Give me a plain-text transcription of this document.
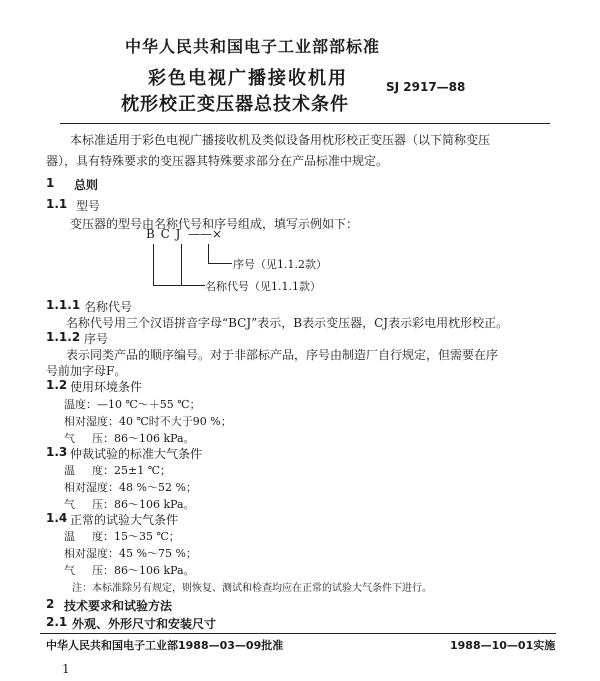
中华人民共和国电子工业部部标准
彩色电视广播接收机用
枕形校正变压器总技术条件
SJ 2917—88
本标准适用于彩色电视广播接收机及类似设备用枕形校正变压器（以下简称变压
器），具有特殊要求的变压器其特殊要求部分在产品标准中规定。
1 总则
1.1 型号
变压器的型号由名称代号和序号组成，填写示例如下：
B C J ——×
序号（见1.1.2款）
名称代号（见1.1.1款）
1.1.1 名称代号
名称代号用三个汉语拼音字母“BCJ”表示，B表示变压器，CJ表示彩电用枕形校正。
1.1.2 序号
表示同类产品的顺序编号。对于非部标产品，序号由制造厂自行规定，但需要在序
号前加字母F。
1.2 使用环境条件
温度：—10 ℃～＋55 ℃；
相对湿度：40 ℃时不大于90 %；
气 压：86～106 kPa。
1.3 仲裁试验的标准大气条件
温 度：25±1 ℃；
相对湿度：48 %～52 %；
气 压：86～106 kPa。
1.4 正常的试验大气条件
温 度：15～35 ℃；
相对湿度：45 %～75 %；
气 压：86～106 kPa。
注：本标准除另有规定，则恢复、测试和检查均应在正常的试验大气条件下进行。
2 技术要求和试验方法
2.1 外观、外形尺寸和安装尺寸
中华人民共和国电子工业部1988—03—09批准	1988—10—01实施
1
